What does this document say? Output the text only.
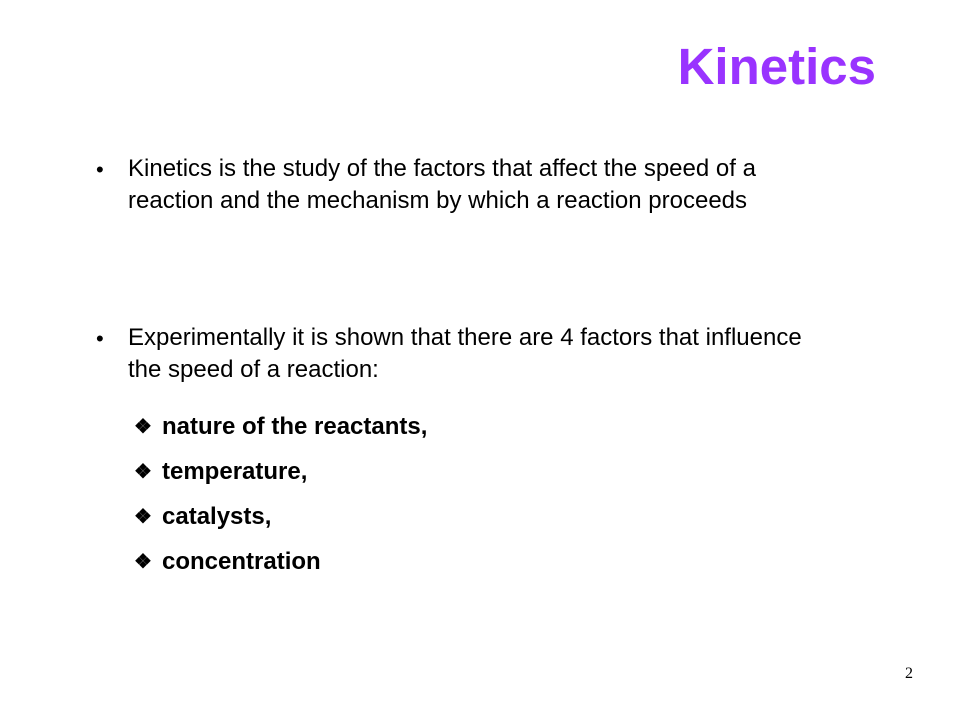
Kinetics
• Kinetics is the study of the factors that affect the speed of a reaction and the mechanism by which a reaction proceeds
• Experimentally it is shown that there are 4 factors that influence the speed of a reaction:
❖ nature of the reactants,
❖ temperature,
❖ catalysts,
❖ concentration
2
